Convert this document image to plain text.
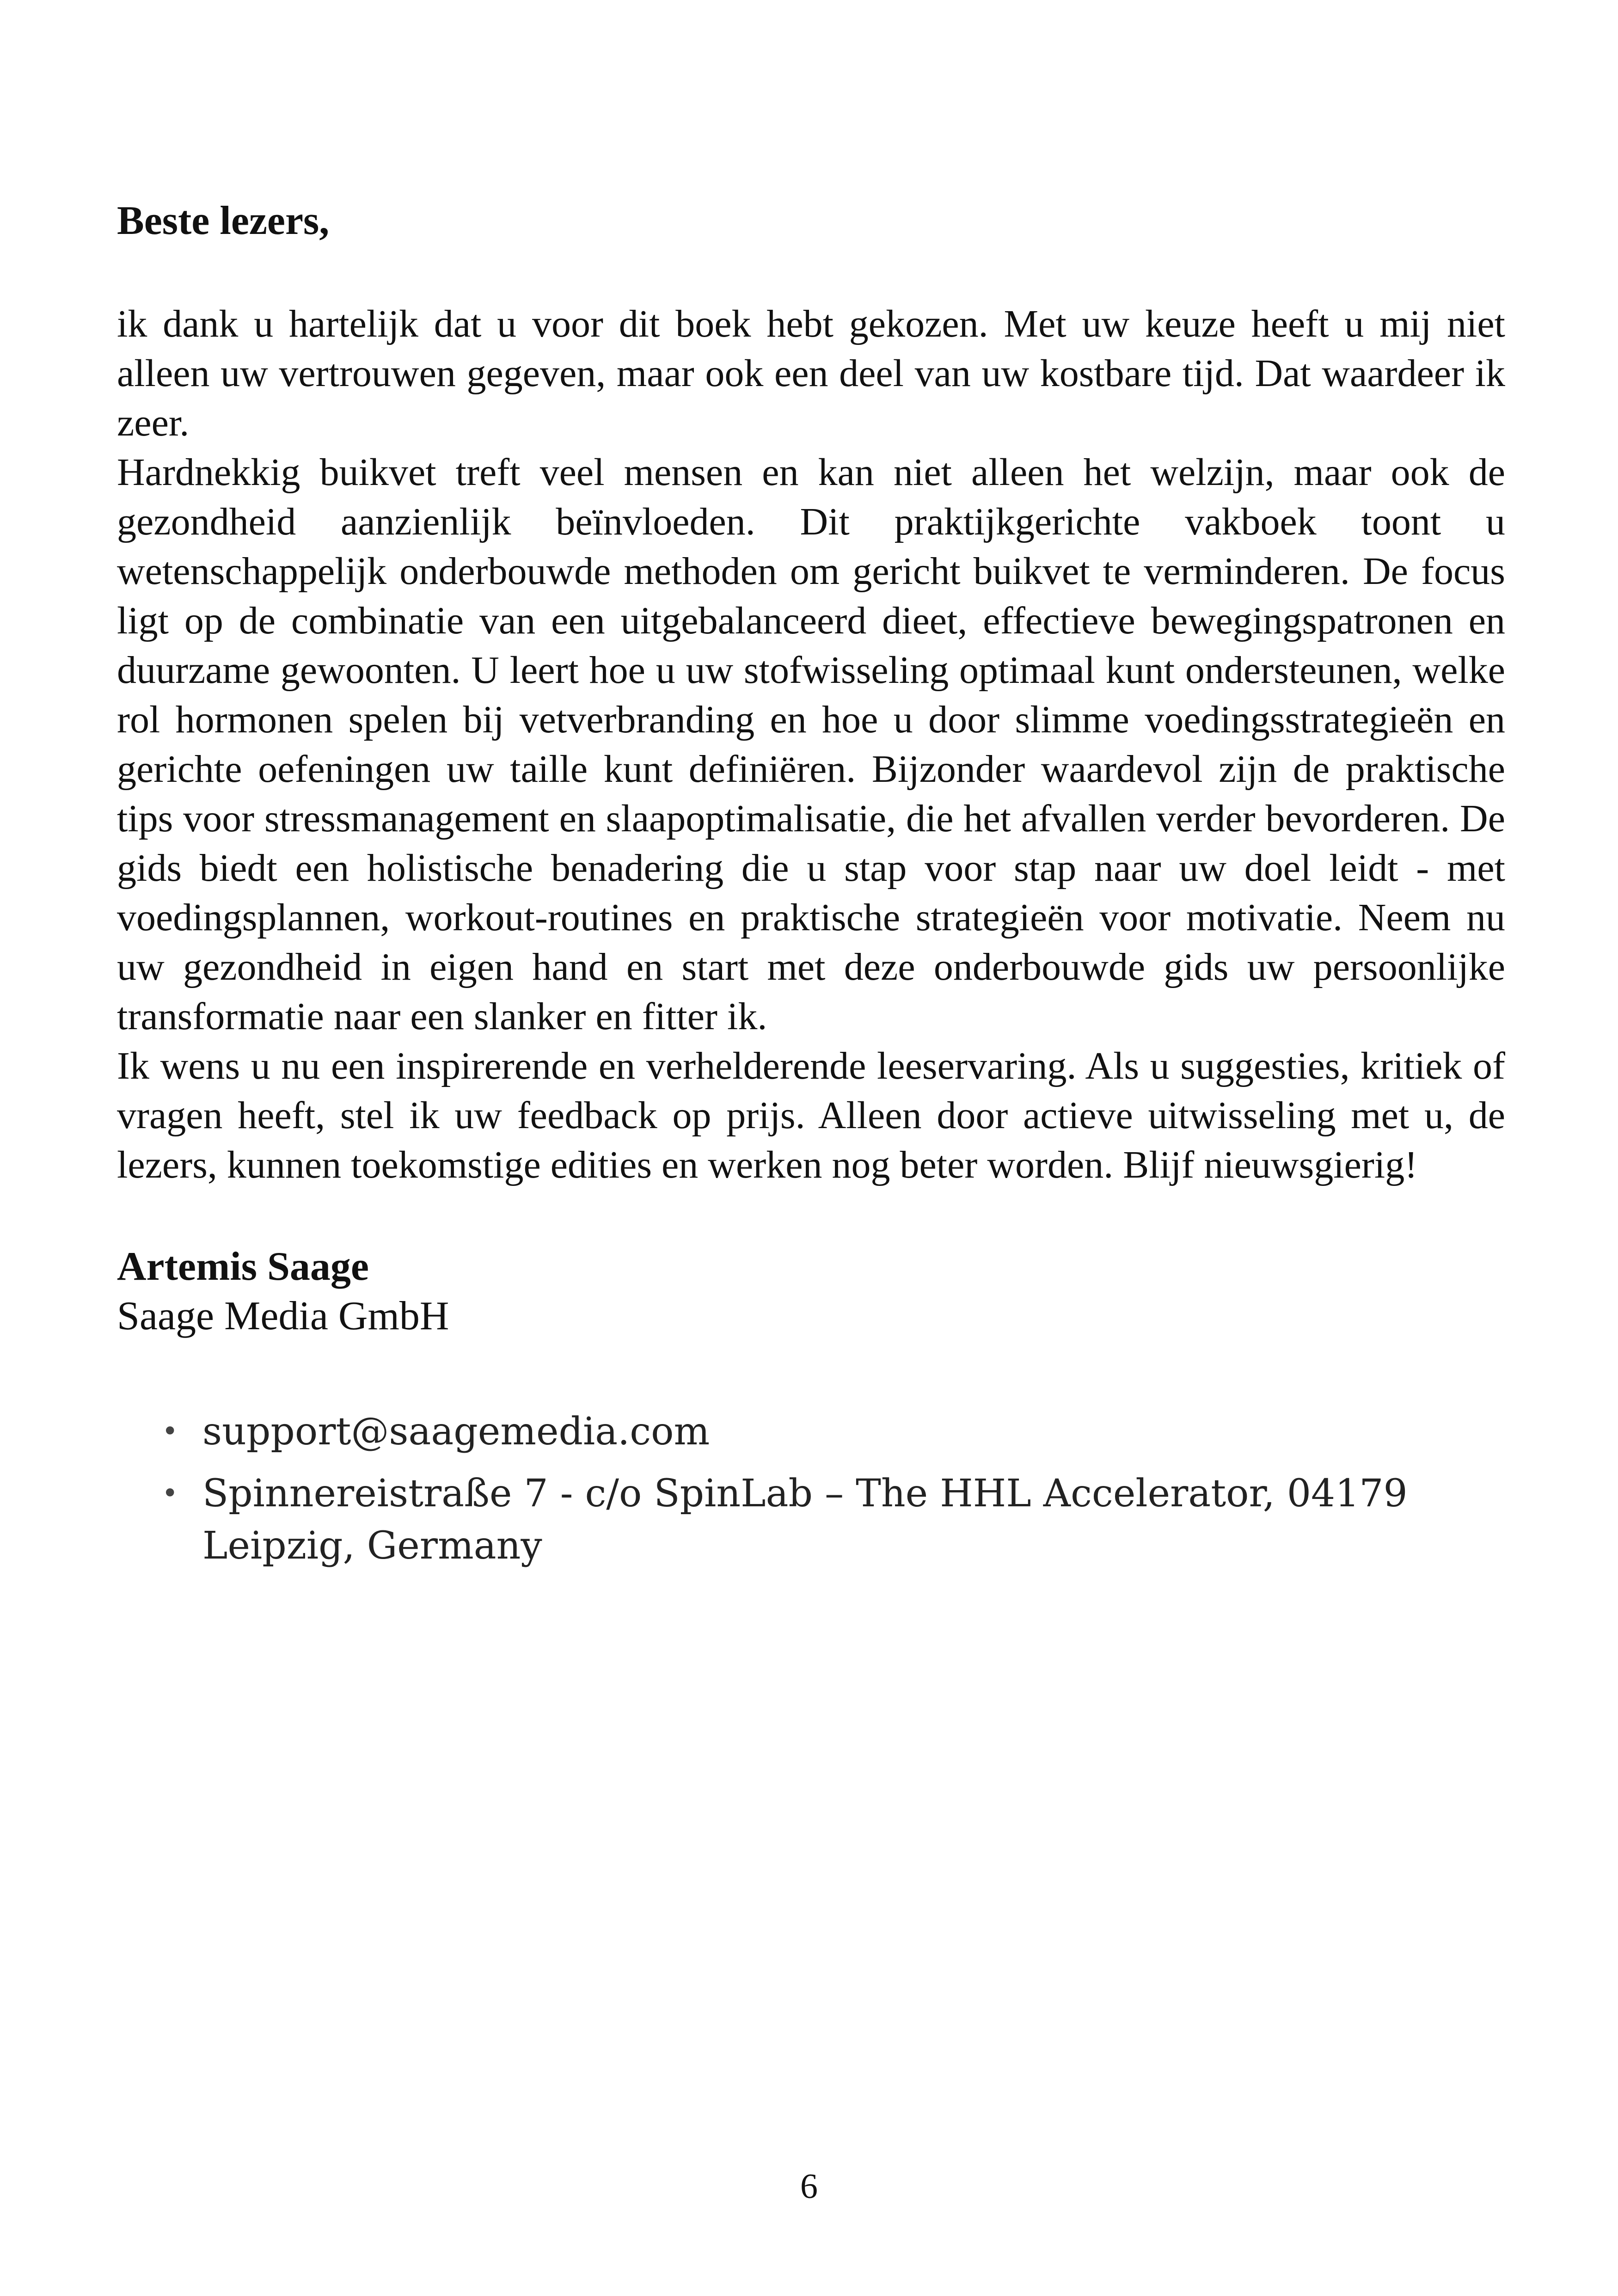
Beste lezers,

ik dank u hartelijk dat u voor dit boek hebt gekozen. Met uw keuze heeft u mij niet alleen uw vertrouwen gegeven, maar ook een deel van uw kostbare tijd. Dat waardeer ik zeer.

Hardnekkig buikvet treft veel mensen en kan niet alleen het welzijn, maar ook de gezondheid aanzienlijk beïnvloeden. Dit praktijkgerichte vakboek toont u wetenschappelijk onderbouwde methoden om gericht buikvet te verminderen. De focus ligt op de combinatie van een uitgebalanceerd dieet, effectieve bewegingspatronen en duurzame gewoonten. U leert hoe u uw stofwisseling optimaal kunt ondersteunen, welke rol hormonen spelen bij vetverbranding en hoe u door slimme voedingsstrategieën en gerichte oefeningen uw taille kunt definiëren. Bijzonder waardevol zijn de praktische tips voor stressmanagement en slaapoptimalisatie, die het afvallen verder bevorderen. De gids biedt een holistische benadering die u stap voor stap naar uw doel leidt - met voedingsplannen, workout-routines en praktische strategieën voor motivatie. Neem nu uw gezondheid in eigen hand en start met deze onderbouwde gids uw persoonlijke transformatie naar een slanker en fitter ik.

Ik wens u nu een inspirerende en verhelderende leeservaring. Als u suggesties, kritiek of vragen heeft, stel ik uw feedback op prijs. Alleen door actieve uitwisseling met u, de lezers, kunnen toekomstige edities en werken nog beter worden. Blijf nieuwsgierig!

Artemis Saage
Saage Media GmbH
• support@saagemedia.com
• Spinnereistraße 7 - c/o SpinLab – The HHL Accelerator, 04179 Leipzig, Germany
6
